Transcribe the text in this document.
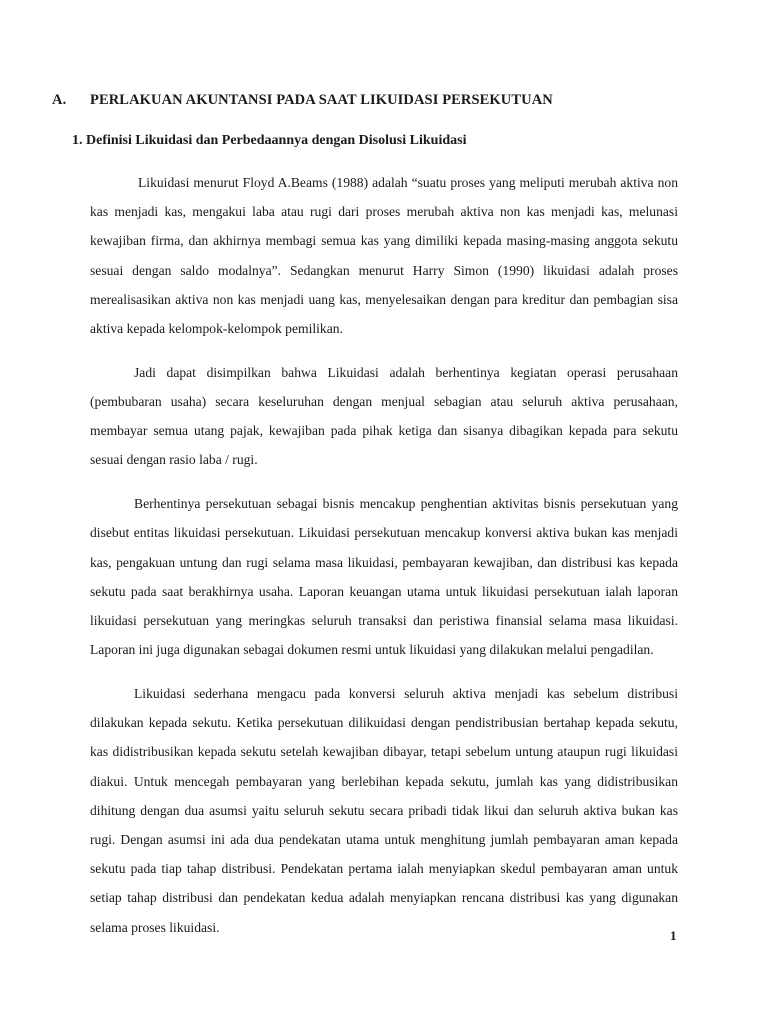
A. PERLAKUAN AKUNTANSI PADA SAAT LIKUIDASI PERSEKUTUAN
1. Definisi Likuidasi dan Perbedaannya dengan Disolusi Likuidasi

Likuidasi menurut Floyd A.Beams (1988) adalah “suatu proses yang meliputi merubah aktiva non kas menjadi kas, mengakui laba atau rugi dari proses merubah aktiva non kas menjadi kas, melunasi kewajiban firma, dan akhirnya membagi semua kas yang dimiliki kepada masing-masing anggota sekutu sesuai dengan saldo modalnya”. Sedangkan menurut Harry Simon (1990) likuidasi adalah proses merealisasikan aktiva non kas menjadi uang kas, menyelesaikan dengan para kreditur dan pembagian sisa aktiva kepada kelompok-kelompok pemilikan.

Jadi dapat disimpilkan bahwa Likuidasi adalah berhentinya kegiatan operasi perusahaan (pembubaran usaha) secara keseluruhan dengan menjual sebagian atau seluruh aktiva perusahaan, membayar semua utang pajak, kewajiban pada pihak ketiga dan sisanya dibagikan kepada para sekutu sesuai dengan rasio laba / rugi.

Berhentinya persekutuan sebagai bisnis mencakup penghentian aktivitas bisnis persekutuan yang disebut entitas likuidasi persekutuan. Likuidasi persekutuan mencakup konversi aktiva bukan kas menjadi kas, pengakuan untung dan rugi selama masa likuidasi, pembayaran kewajiban, dan distribusi kas kepada sekutu pada saat berakhirnya usaha. Laporan keuangan utama untuk likuidasi persekutuan ialah laporan likuidasi persekutuan yang meringkas seluruh transaksi dan peristiwa finansial selama masa likuidasi. Laporan ini juga digunakan sebagai dokumen resmi untuk likuidasi yang dilakukan melalui pengadilan.

Likuidasi sederhana mengacu pada konversi seluruh aktiva menjadi kas sebelum distribusi dilakukan kepada sekutu. Ketika persekutuan dilikuidasi dengan pendistribusian bertahap kepada sekutu, kas didistribusikan kepada sekutu setelah kewajiban dibayar, tetapi sebelum untung ataupun rugi likuidasi diakui. Untuk mencegah pembayaran yang berlebihan kepada sekutu, jumlah kas yang didistribusikan dihitung dengan dua asumsi yaitu seluruh sekutu secara pribadi tidak likui dan seluruh aktiva bukan kas rugi. Dengan asumsi ini ada dua pendekatan utama untuk menghitung jumlah pembayaran aman kepada sekutu pada tiap tahap distribusi. Pendekatan pertama ialah menyiapkan skedul pembayaran aman untuk setiap tahap distribusi dan pendekatan kedua adalah menyiapkan rencana distribusi kas yang digunakan selama proses likuidasi.

1
